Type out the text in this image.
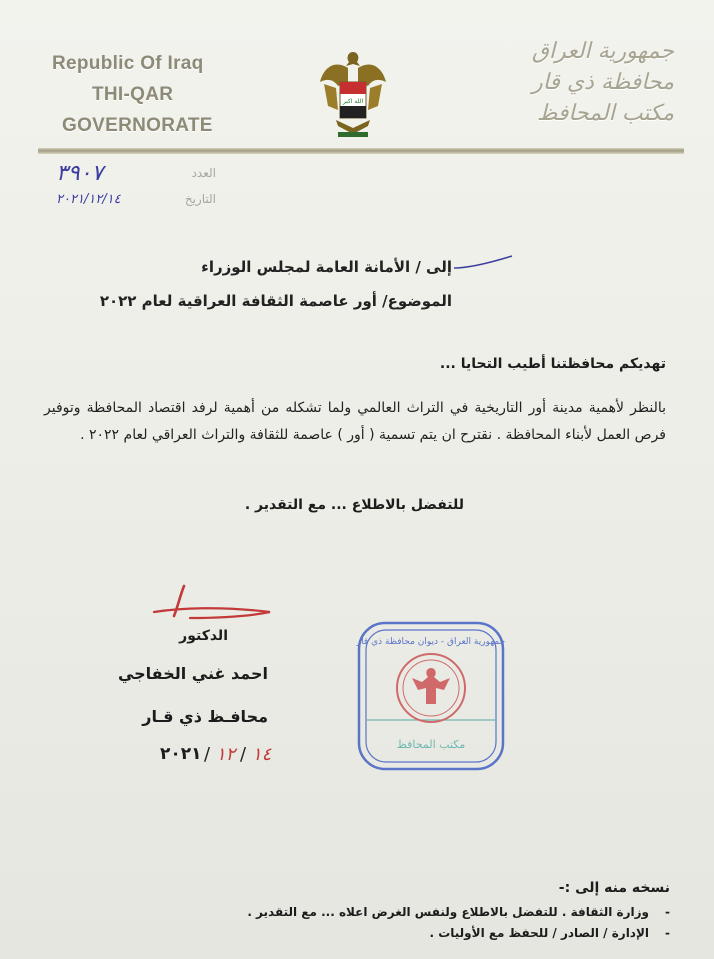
Republic Of Iraq
THI-QAR
GOVERNORATE
الله اكبر
جمهورية العراق
محافظة ذي قار
مكتب المحافظ
٣٩٠٧	العدد
٢٠٢١/١٢/١٤	التاريخ
إلى / الأمانة العامة لمجلس الوزراء
الموضوع/ أور عاصمة الثقافة العراقية لعام ٢٠٢٢
تهديكم محافظتنا أطيب التحايا ...
بالنظر لأهمية مدينة أور التاريخية في التراث العالمي ولما تشكله من أهمية لرفد اقتصاد المحافظة وتوفير فرص العمل لأبناء المحافظة . نقترح ان يتم تسمية ( أور ) عاصمة للثقافة والتراث العراقي لعام ٢٠٢٢ .
للتفضل بالاطلاع ... مع التقدير .
الدكتور
احمد غني الخفاجي
محافـظ ذي قـار
٢٠٢١ / ١٢ / ١٤
جمهورية العراق - ديوان محافظة ذي قار
مكتب المحافظ
نسخه منه إلى :-
- وزارة الثقافة . للتفضل بالاطلاع ولنفس الغرض اعلاه ... مع التقدير .
- الإدارة / الصادر / للحفظ مع الأوليات .
